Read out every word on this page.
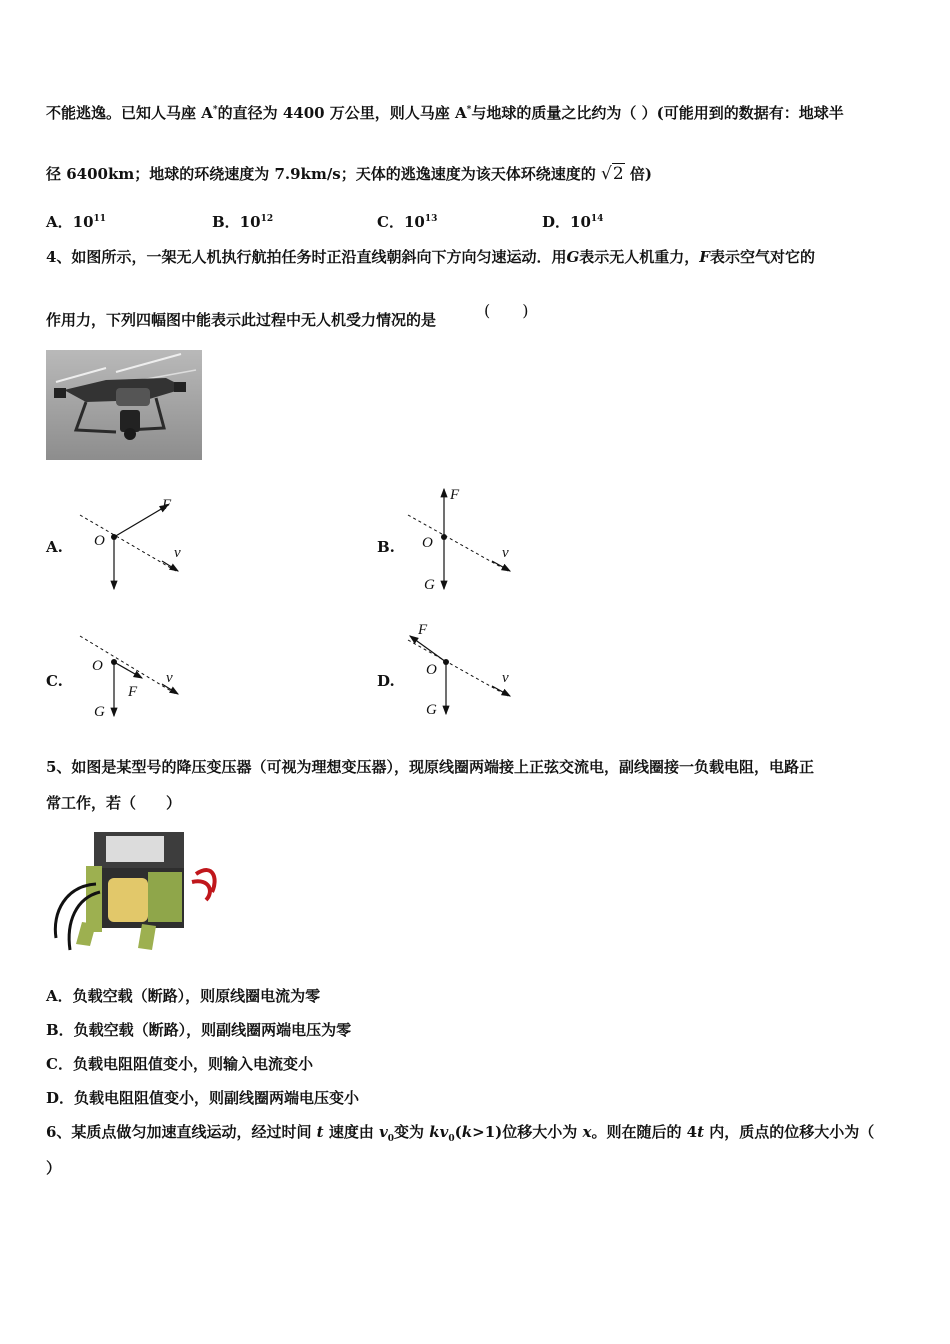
不能逃逸。已知人马座 A*的直径为 4400 万公里，则人马座 A*与地球的质量之比约为（ ）(可能用到的数据有：地球半
径 6400km；地球的环绕速度为 7.9km/s；天体的逃逸速度为该天体环绕速度的 √2 倍)
A．$10^{11}$	B．$10^{12}$	C．$10^{13}$	D．$10^{14}$
4、如图所示，一架无人机执行航拍任务时正沿直线朝斜向下方向匀速运动．用G表示无人机重力，F表示空气对它的
作用力，下列四幅图中能表示此过程中无人机受力情况的是	(　　)
A. O
F
v	B. O
F
G
v
C.
O
F
G
v	D.
O
F
G
v
5、如图是某型号的降压变压器（可视为理想变压器），现原线圈两端接上正弦交流电，副线圈接一负载电阻，电路正
常工作，若（　　）
A．负载空载（断路），则原线圈电流为零
B．负载空载（断路），则副线圈两端电压为零
C．负载电阻阻值变小，则输入电流变小
D．负载电阻阻值变小，则副线圈两端电压变小
6、某质点做匀加速直线运动，经过时间 t 速度由 $v_0$变为 $kv_0(k>1)$位移大小为 x。则在随后的 4t 内，质点的位移大小为（
）
